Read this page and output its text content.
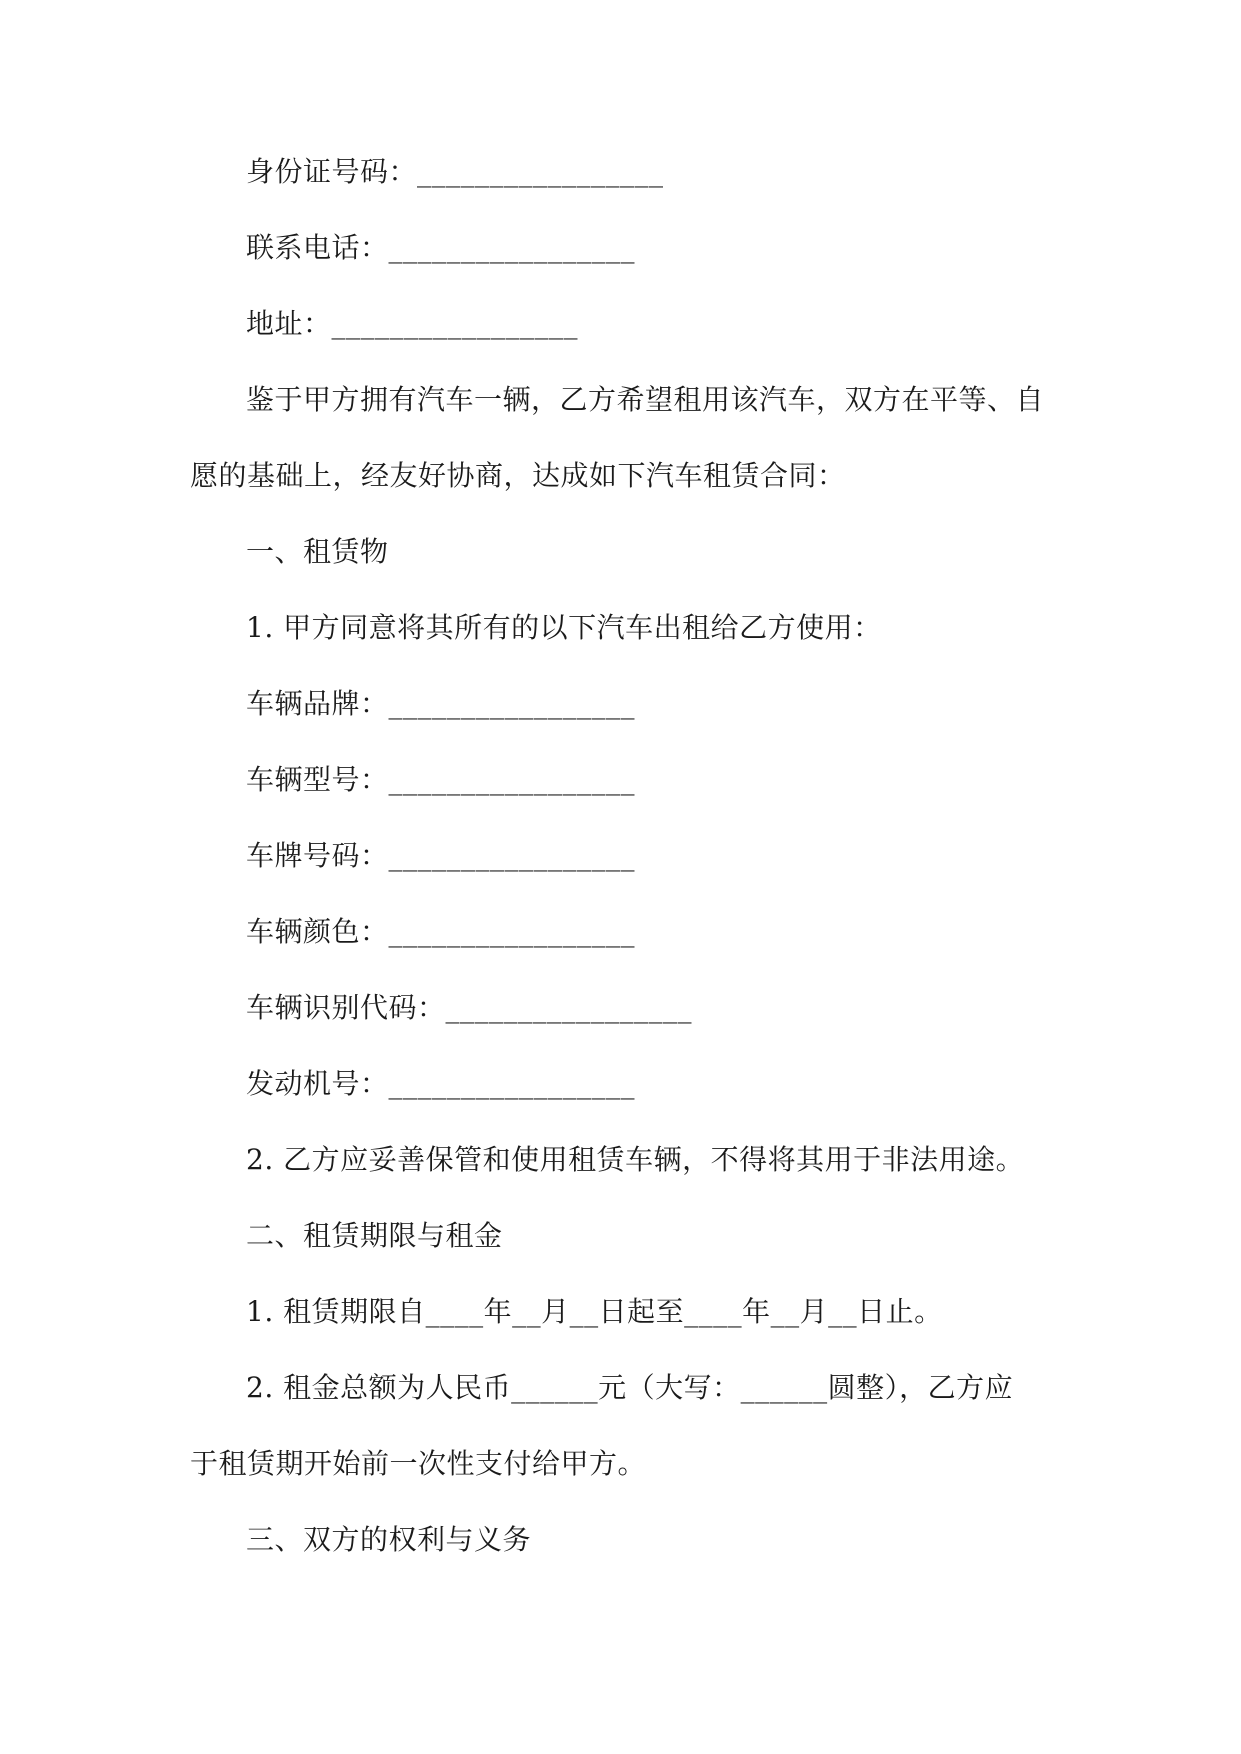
身份证号码：_________________
联系电话：_________________
地址：_________________
鉴于甲方拥有汽车一辆，乙方希望租用该汽车，双方在平等、自
愿的基础上，经友好协商，达成如下汽车租赁合同：
一、租赁物
1. 甲方同意将其所有的以下汽车出租给乙方使用：
车辆品牌：_________________
车辆型号：_________________
车牌号码：_________________
车辆颜色：_________________
车辆识别代码：_________________
发动机号：_________________
2. 乙方应妥善保管和使用租赁车辆，不得将其用于非法用途。
二、租赁期限与租金
1. 租赁期限自____年__月__日起至____年__月__日止。
2. 租金总额为人民币______元（大写：______圆整），乙方应
于租赁期开始前一次性支付给甲方。
三、双方的权利与义务
